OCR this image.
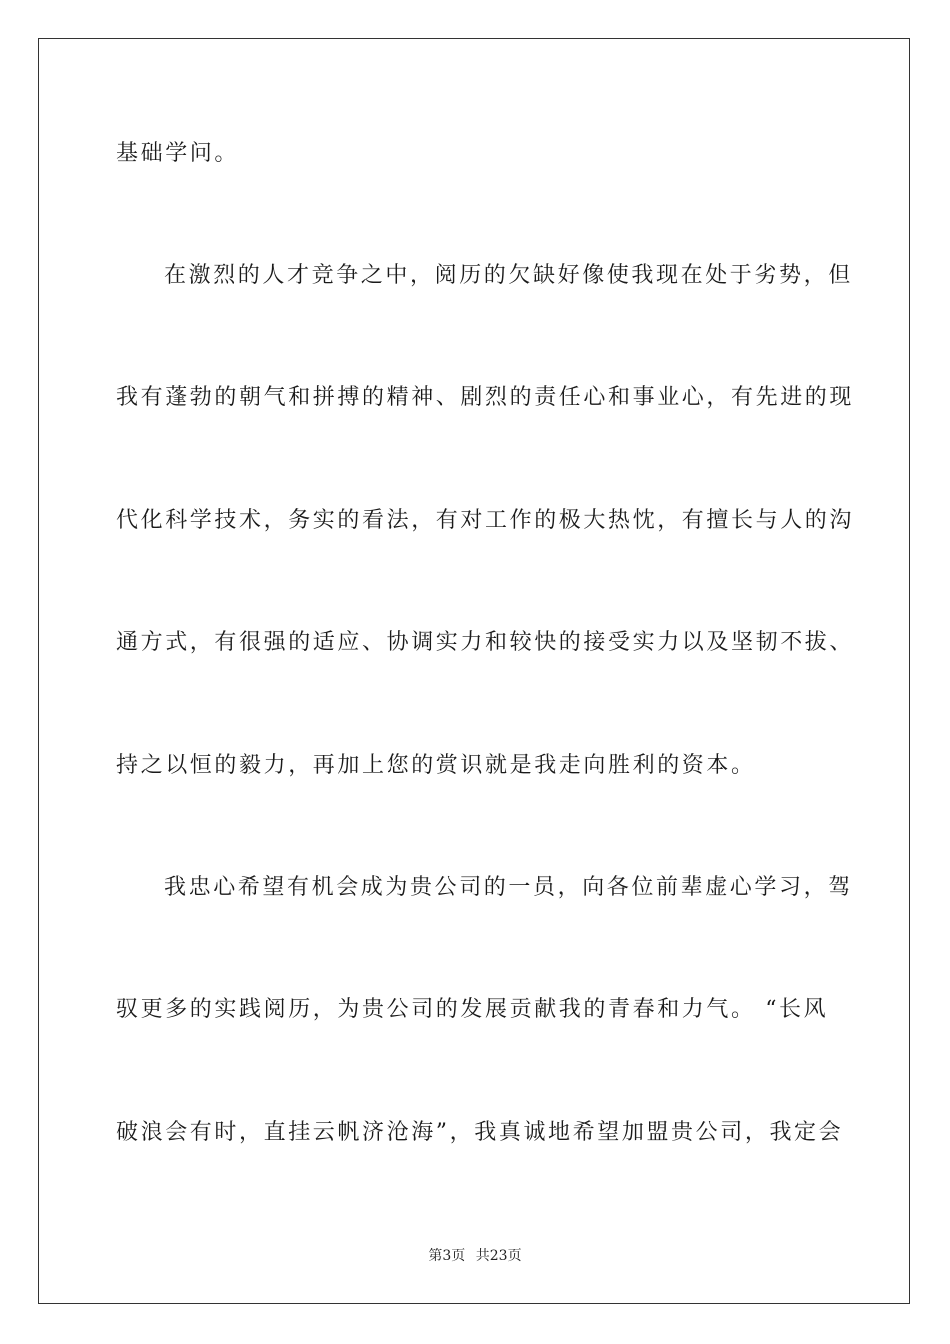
基础学问。
在激烈的人才竞争之中，阅历的欠缺好像使我现在处于劣势，但
我有蓬勃的朝气和拼搏的精神、剧烈的责任心和事业心，有先进的现
代化科学技术，务实的看法，有对工作的极大热忱，有擅长与人的沟
通方式，有很强的适应、协调实力和较快的接受实力以及坚韧不拔、
持之以恒的毅力，再加上您的赏识就是我走向胜利的资本。
我忠心希望有机会成为贵公司的一员，向各位前辈虚心学习，驾
驭更多的实践阅历，为贵公司的发展贡献我的青春和力气。 “长风
破浪会有时，直挂云帆济沧海”，我真诚地希望加盟贵公司，我定会
第3页 共23页
